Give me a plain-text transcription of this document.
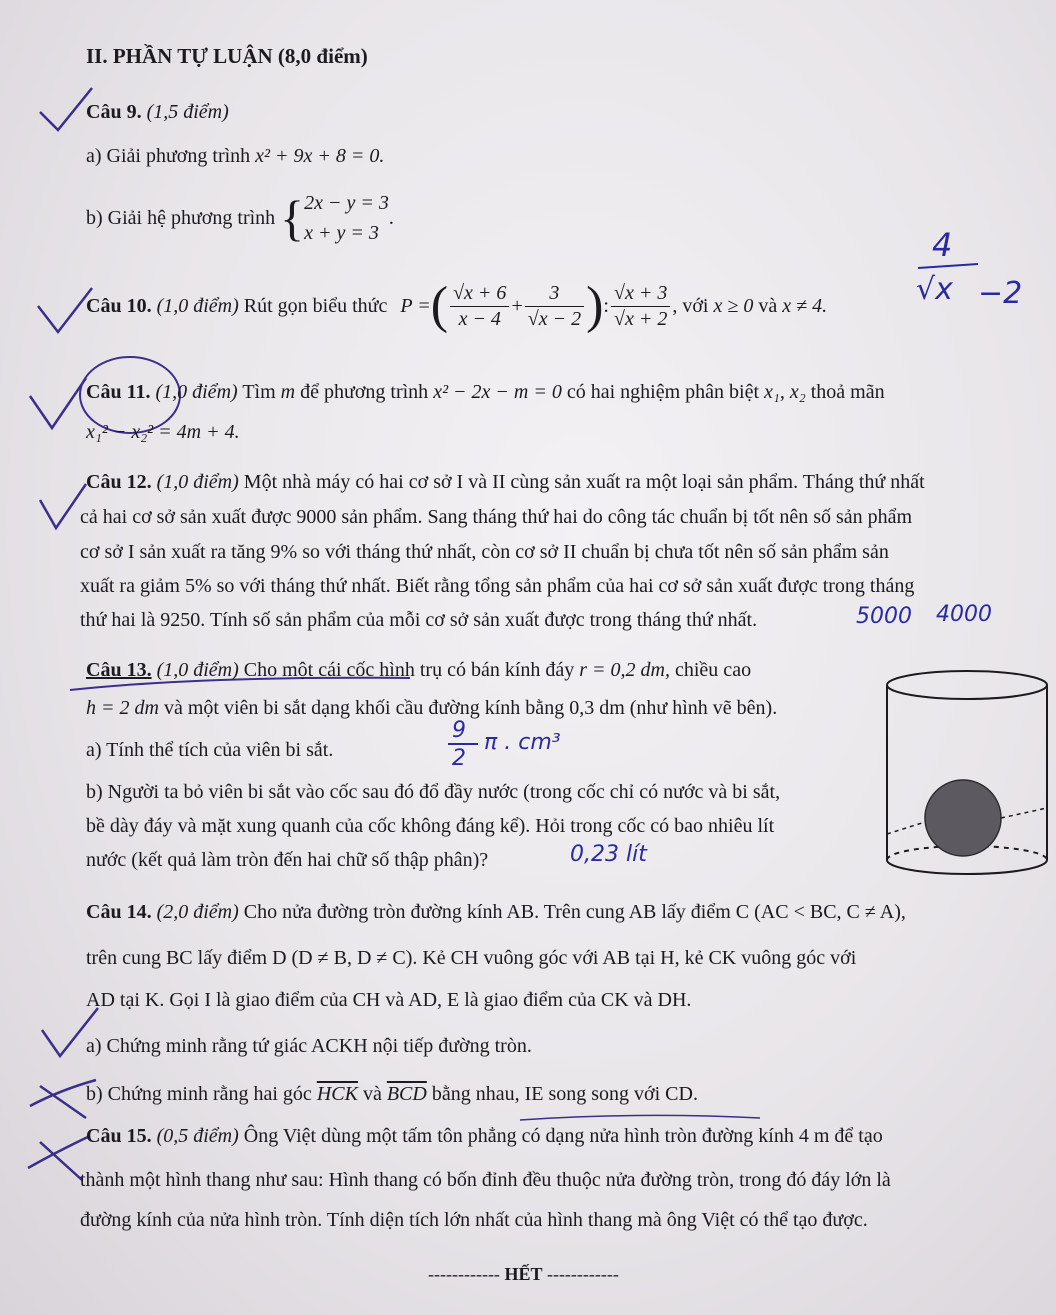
II. PHẦN TỰ LUẬN (8,0 điểm)
Câu 9. (1,5 điểm)
a) Giải phương trình x² + 9x + 8 = 0.
b) Giải hệ phương trình { 2x − y = 3
x + y = 3
.
Câu 10. (1,0 điểm) Rút gọn biểu thức P =( $\frac{√x + 6}{x - 4} + \frac{3}{√x - 2}$ ): $\frac{√x + 3}{√x + 2}$ , với x ≥ 0 và x ≠ 4.
Câu 11. (1,0 điểm) Tìm m để phương trình x² − 2x − m = 0 có hai nghiệm phân biệt x₁, x₂ thoả mãn
x₁² − x₂² = 4m + 4.
Câu 12. (1,0 điểm) Một nhà máy có hai cơ sở I và II cùng sản xuất ra một loại sản phẩm. Tháng thứ nhất
cả hai cơ sở sản xuất được 9000 sản phẩm. Sang tháng thứ hai do công tác chuẩn bị tốt nên số sản phẩm
cơ sở I sản xuất ra tăng 9% so với tháng thứ nhất, còn cơ sở II chuẩn bị chưa tốt nên số sản phẩm sản
xuất ra giảm 5% so với tháng thứ nhất. Biết rằng tổng sản phẩm của hai cơ sở sản xuất được trong tháng
thứ hai là 9250. Tính số sản phẩm của mỗi cơ sở sản xuất được trong tháng thứ nhất.
Câu 13. (1,0 điểm) Cho một cái cốc hình trụ có bán kính đáy r = 0,2 dm, chiều cao
h = 2 dm và một viên bi sắt dạng khối cầu đường kính bằng 0,3 dm (như hình vẽ bên).
a) Tính thể tích của viên bi sắt.
b) Người ta bỏ viên bi sắt vào cốc sau đó đổ đầy nước (trong cốc chỉ có nước và bi sắt,
bề dày đáy và mặt xung quanh của cốc không đáng kể). Hỏi trong cốc có bao nhiêu lít
nước (kết quả làm tròn đến hai chữ số thập phân)?
Câu 14. (2,0 điểm) Cho nửa đường tròn đường kính AB. Trên cung AB lấy điểm C (AC < BC, C ≠ A),
trên cung BC lấy điểm D (D ≠ B, D ≠ C). Kẻ CH vuông góc với AB tại H, kẻ CK vuông góc với
AD tại K. Gọi I là giao điểm của CH và AD, E là giao điểm của CK và DH.
a) Chứng minh rằng tứ giác ACKH nội tiếp đường tròn.
b) Chứng minh rằng hai góc $\overline{HCK}$ và $\overline{BCD}$ bằng nhau, IE song song với CD.
Câu 15. (0,5 điểm) Ông Việt dùng một tấm tôn phẳng có dạng nửa hình tròn đường kính 4 m để tạo
thành một hình thang như sau: Hình thang có bốn đỉnh đều thuộc nửa đường tròn, trong đó đáy lớn là
đường kính của nửa hình tròn. Tính diện tích lớn nhất của hình thang mà ông Việt có thể tạo được.
------------ HẾT ------------
4
√x −2
5000 4000
9
2
π . cm³
0,23 lít
